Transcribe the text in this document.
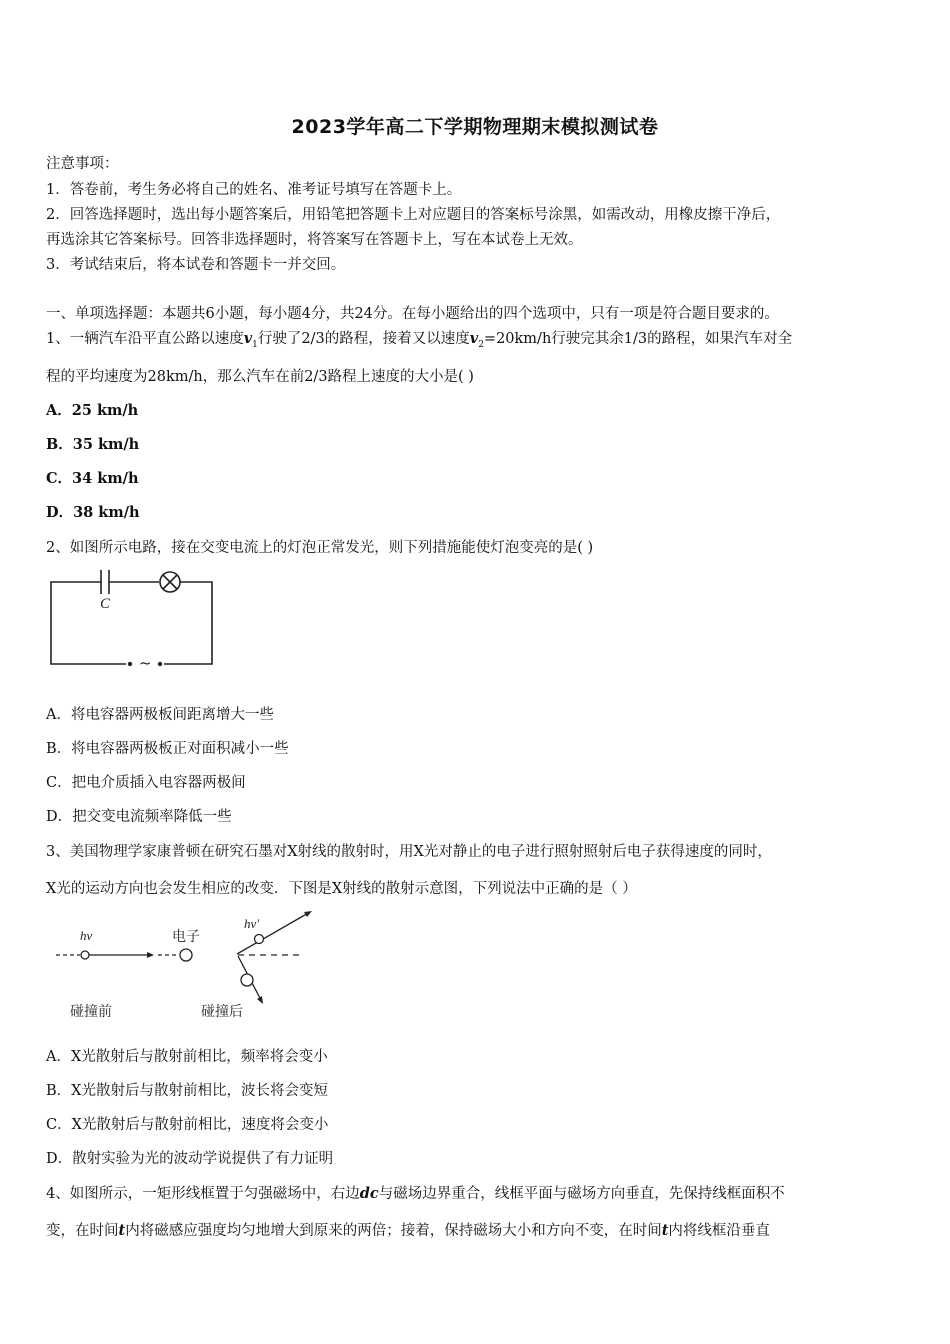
2023学年高二下学期物理期末模拟测试卷
注意事项：
1．答卷前，考生务必将自己的姓名、准考证号填写在答题卡上。
2．回答选择题时，选出每小题答案后，用铅笔把答题卡上对应题目的答案标号涂黑，如需改动，用橡皮擦干净后，
再选涂其它答案标号。回答非选择题时，将答案写在答题卡上，写在本试卷上无效。
3．考试结束后，将本试卷和答题卡一并交回。
一、单项选择题：本题共6小题，每小题4分，共24分。在每小题给出的四个选项中，只有一项是符合题目要求的。
1、一辆汽车沿平直公路以速度$v_1$行驶了2/3的路程，接着又以速度$v_2=20km/h$行驶完其余1/3的路程，如果汽车对全
程的平均速度为28km/h，那么汽车在前2/3路程上速度的大小是( )
A．25 km/h
B．35 km/h
C．34 km/h
D．38 km/h
2、如图所示电路，接在交变电流上的灯泡正常发光，则下列措施能使灯泡变亮的是( )
C
~
A．将电容器两极板间距离增大一些
B．将电容器两极板正对面积减小一些
C．把电介质插入电容器两极间
D．把交变电流频率降低一些
3、美国物理学家康普顿在研究石墨对X射线的散射时，用X光对静止的电子进行照射照射后电子获得速度的同时，
X光的运动方向也会发生相应的改变．下图是X射线的散射示意图，下列说法中正确的是（ ）
hν	电子
hν′
碰撞前	碰撞后
A．X光散射后与散射前相比，频率将会变小
B．X光散射后与散射前相比，波长将会变短
C．X光散射后与散射前相比，速度将会变小
D．散射实验为光的波动学说提供了有力证明
4、如图所示，一矩形线框置于匀强磁场中，右边dc与磁场边界重合，线框平面与磁场方向垂直，先保持线框面积不
变，在时间t内将磁感应强度均匀地增大到原来的两倍；接着，保持磁场大小和方向不变，在时间t内将线框沿垂直
